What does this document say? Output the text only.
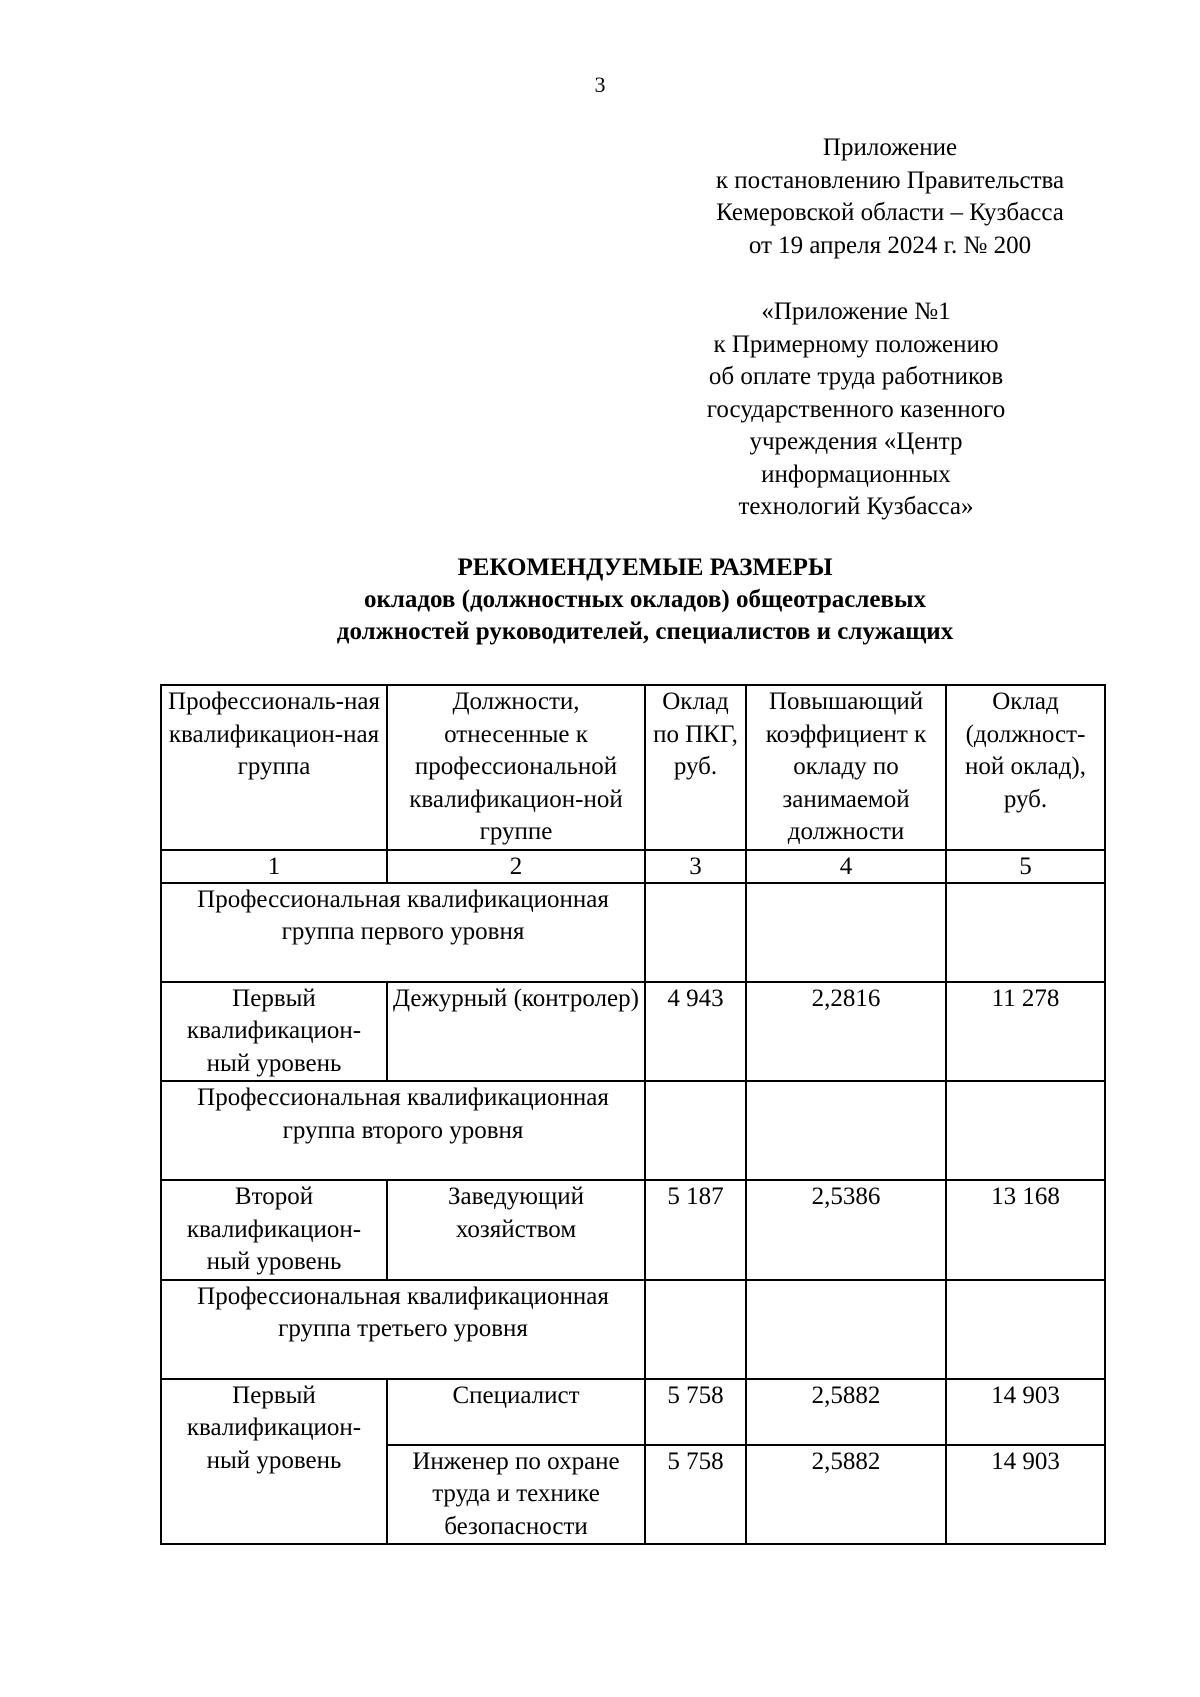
3
Приложение
к постановлению Правительства
Кемеровской области – Кузбасса
от 19 апреля 2024 г. № 200
«Приложение №1
к Примерному положению
об оплате труда работников
государственного казенного
учреждения «Центр
информационных
технологий Кузбасса»
РЕКОМЕНДУЕМЫЕ РАЗМЕРЫ
окладов (должностных окладов) общеотраслевых
должностей руководителей, специалистов и служащих
Профессиональ-ная квалификацион-ная группа	Должности, отнесенные к профессиональной квалификацион-ной группе	Оклад по ПКГ, руб.	Повышающий коэффициент к окладу по занимаемой должности	Оклад (должност-ной оклад), руб.
1	2	3	4	5
Профессиональная квалификационная группа первого уровня				
Первый квалификацион-ный уровень	Дежурный (контролер)	4 943	2,2816	11 278
Профессиональная квалификационная группа второго уровня				
Второй квалификацион-ный уровень	Заведующий хозяйством	5 187	2,5386	13 168
Профессиональная квалификационная группа третьего уровня				
Первый квалификацион-ный уровень	Специалист	5 758	2,5882	14 903
	Инженер по охране труда и технике безопасности	5 758	2,5882	14 903
